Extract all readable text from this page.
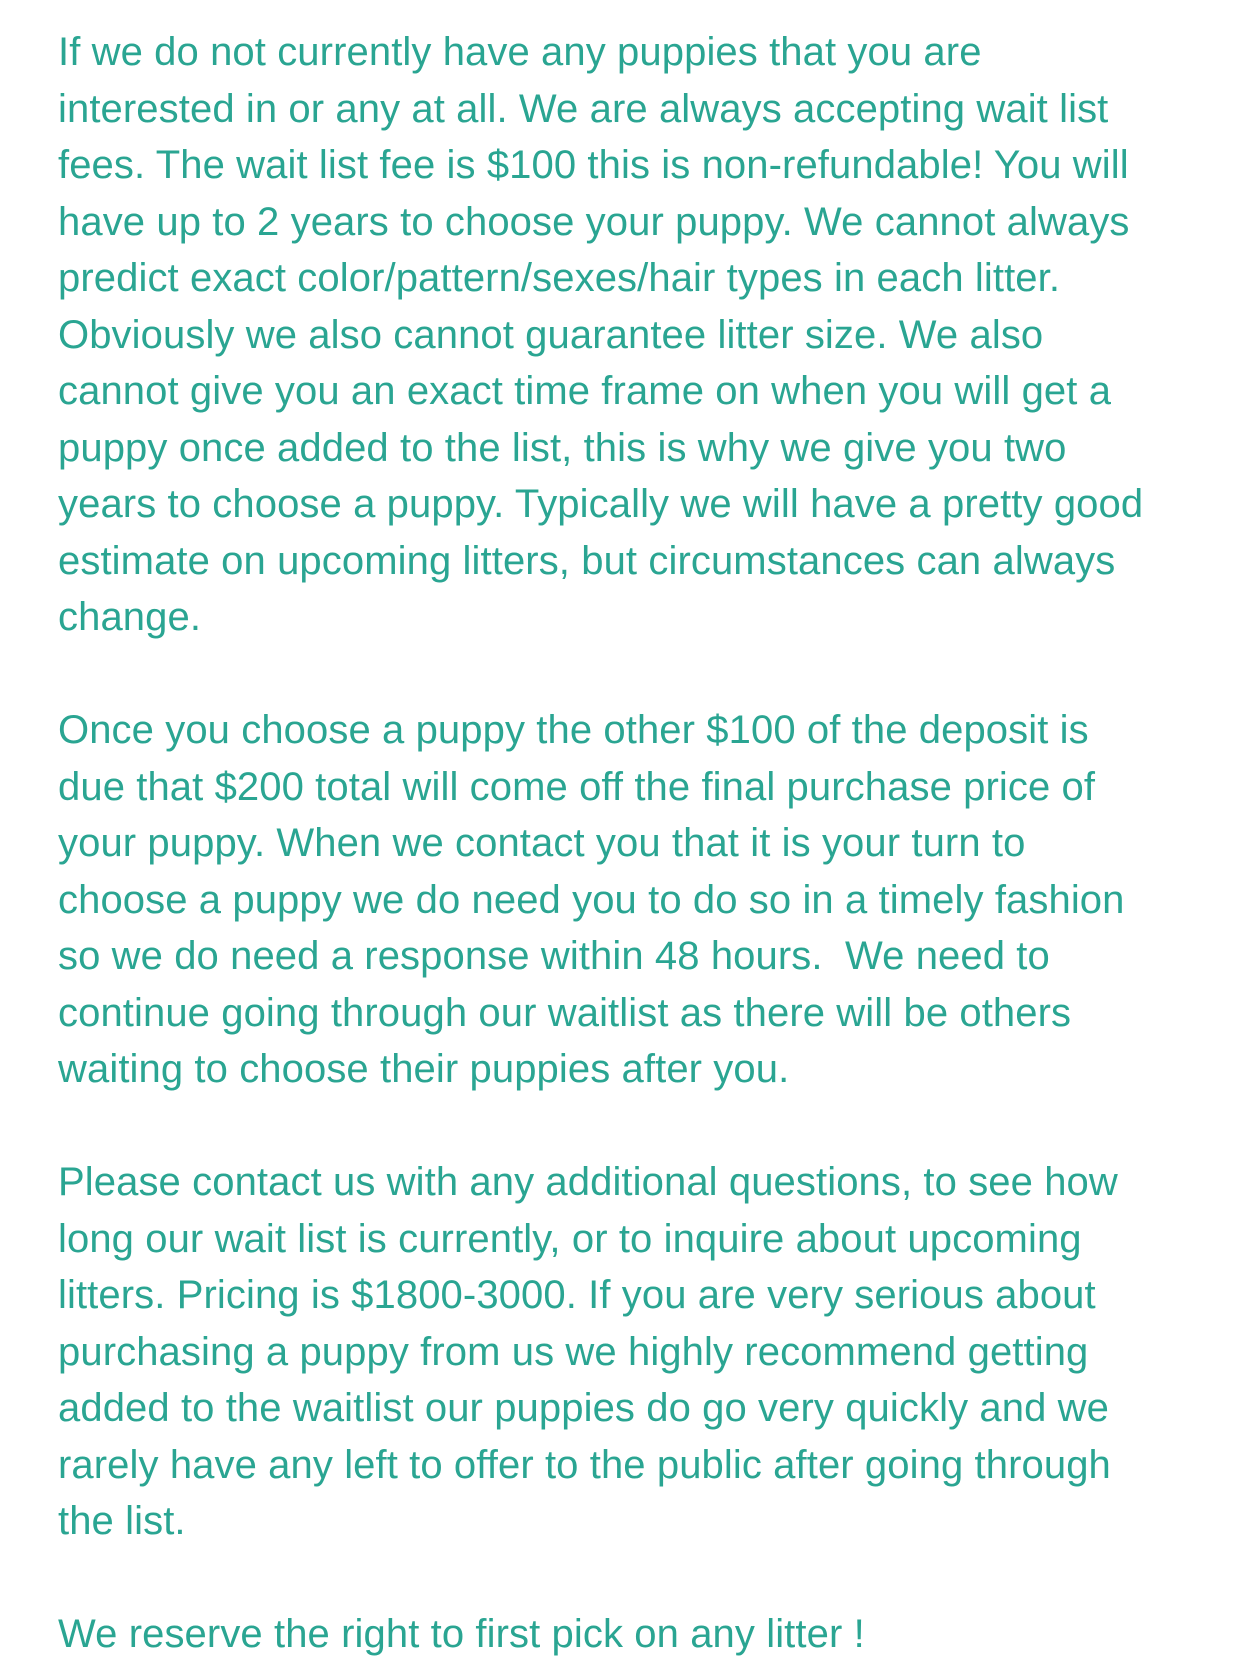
If we do not currently have any puppies that you are
interested in or any at all. We are always accepting wait list
fees. The wait list fee is $100 this is non-refundable! You will
have up to 2 years to choose your puppy. We cannot always
predict exact color/pattern/sexes/hair types in each litter.
Obviously we also cannot guarantee litter size. We also
cannot give you an exact time frame on when you will get a
puppy once added to the list, this is why we give you two
years to choose a puppy. Typically we will have a pretty good
estimate on upcoming litters, but circumstances can always
change.
Once you choose a puppy the other $100 of the deposit is
due that $200 total will come off the final purchase price of
your puppy. When we contact you that it is your turn to
choose a puppy we do need you to do so in a timely fashion
so we do need a response within 48 hours.  We need to
continue going through our waitlist as there will be others
waiting to choose their puppies after you.
Please contact us with any additional questions, to see how
long our wait list is currently, or to inquire about upcoming
litters. Pricing is $1800-3000. If you are very serious about
purchasing a puppy from us we highly recommend getting
added to the waitlist our puppies do go very quickly and we
rarely have any left to offer to the public after going through
the list.
We reserve the right to first pick on any litter !
